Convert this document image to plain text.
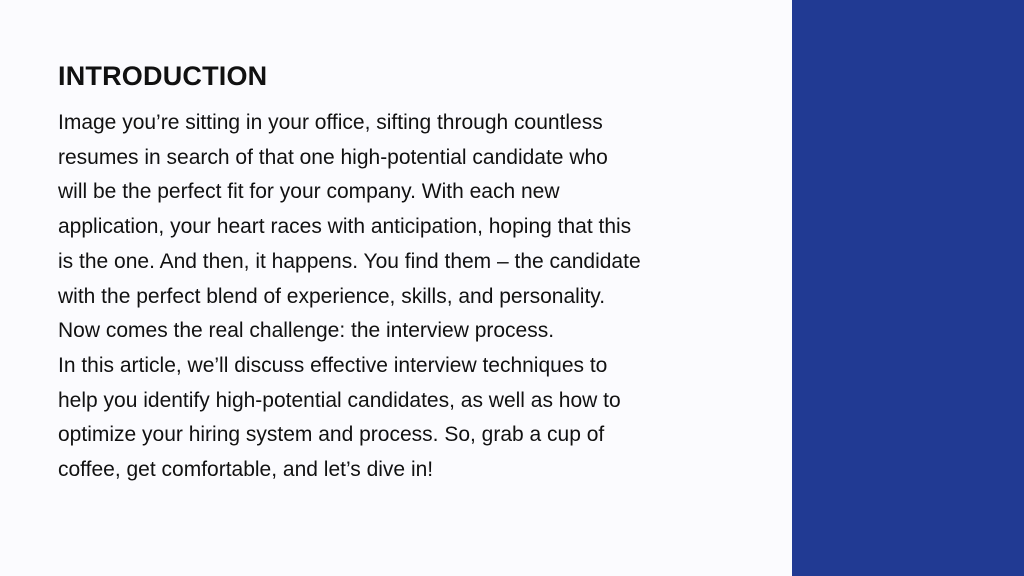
INTRODUCTION
Image you’re sitting in your office, sifting through countless
resumes in search of that one high-potential candidate who
will be the perfect fit for your company. With each new
application, your heart races with anticipation, hoping that this
is the one. And then, it happens. You find them – the candidate
with the perfect blend of experience, skills, and personality.
Now comes the real challenge: the interview process.
In this article, we’ll discuss effective interview techniques to
help you identify high-potential candidates, as well as how to
optimize your hiring system and process. So, grab a cup of
coffee, get comfortable, and let’s dive in!
